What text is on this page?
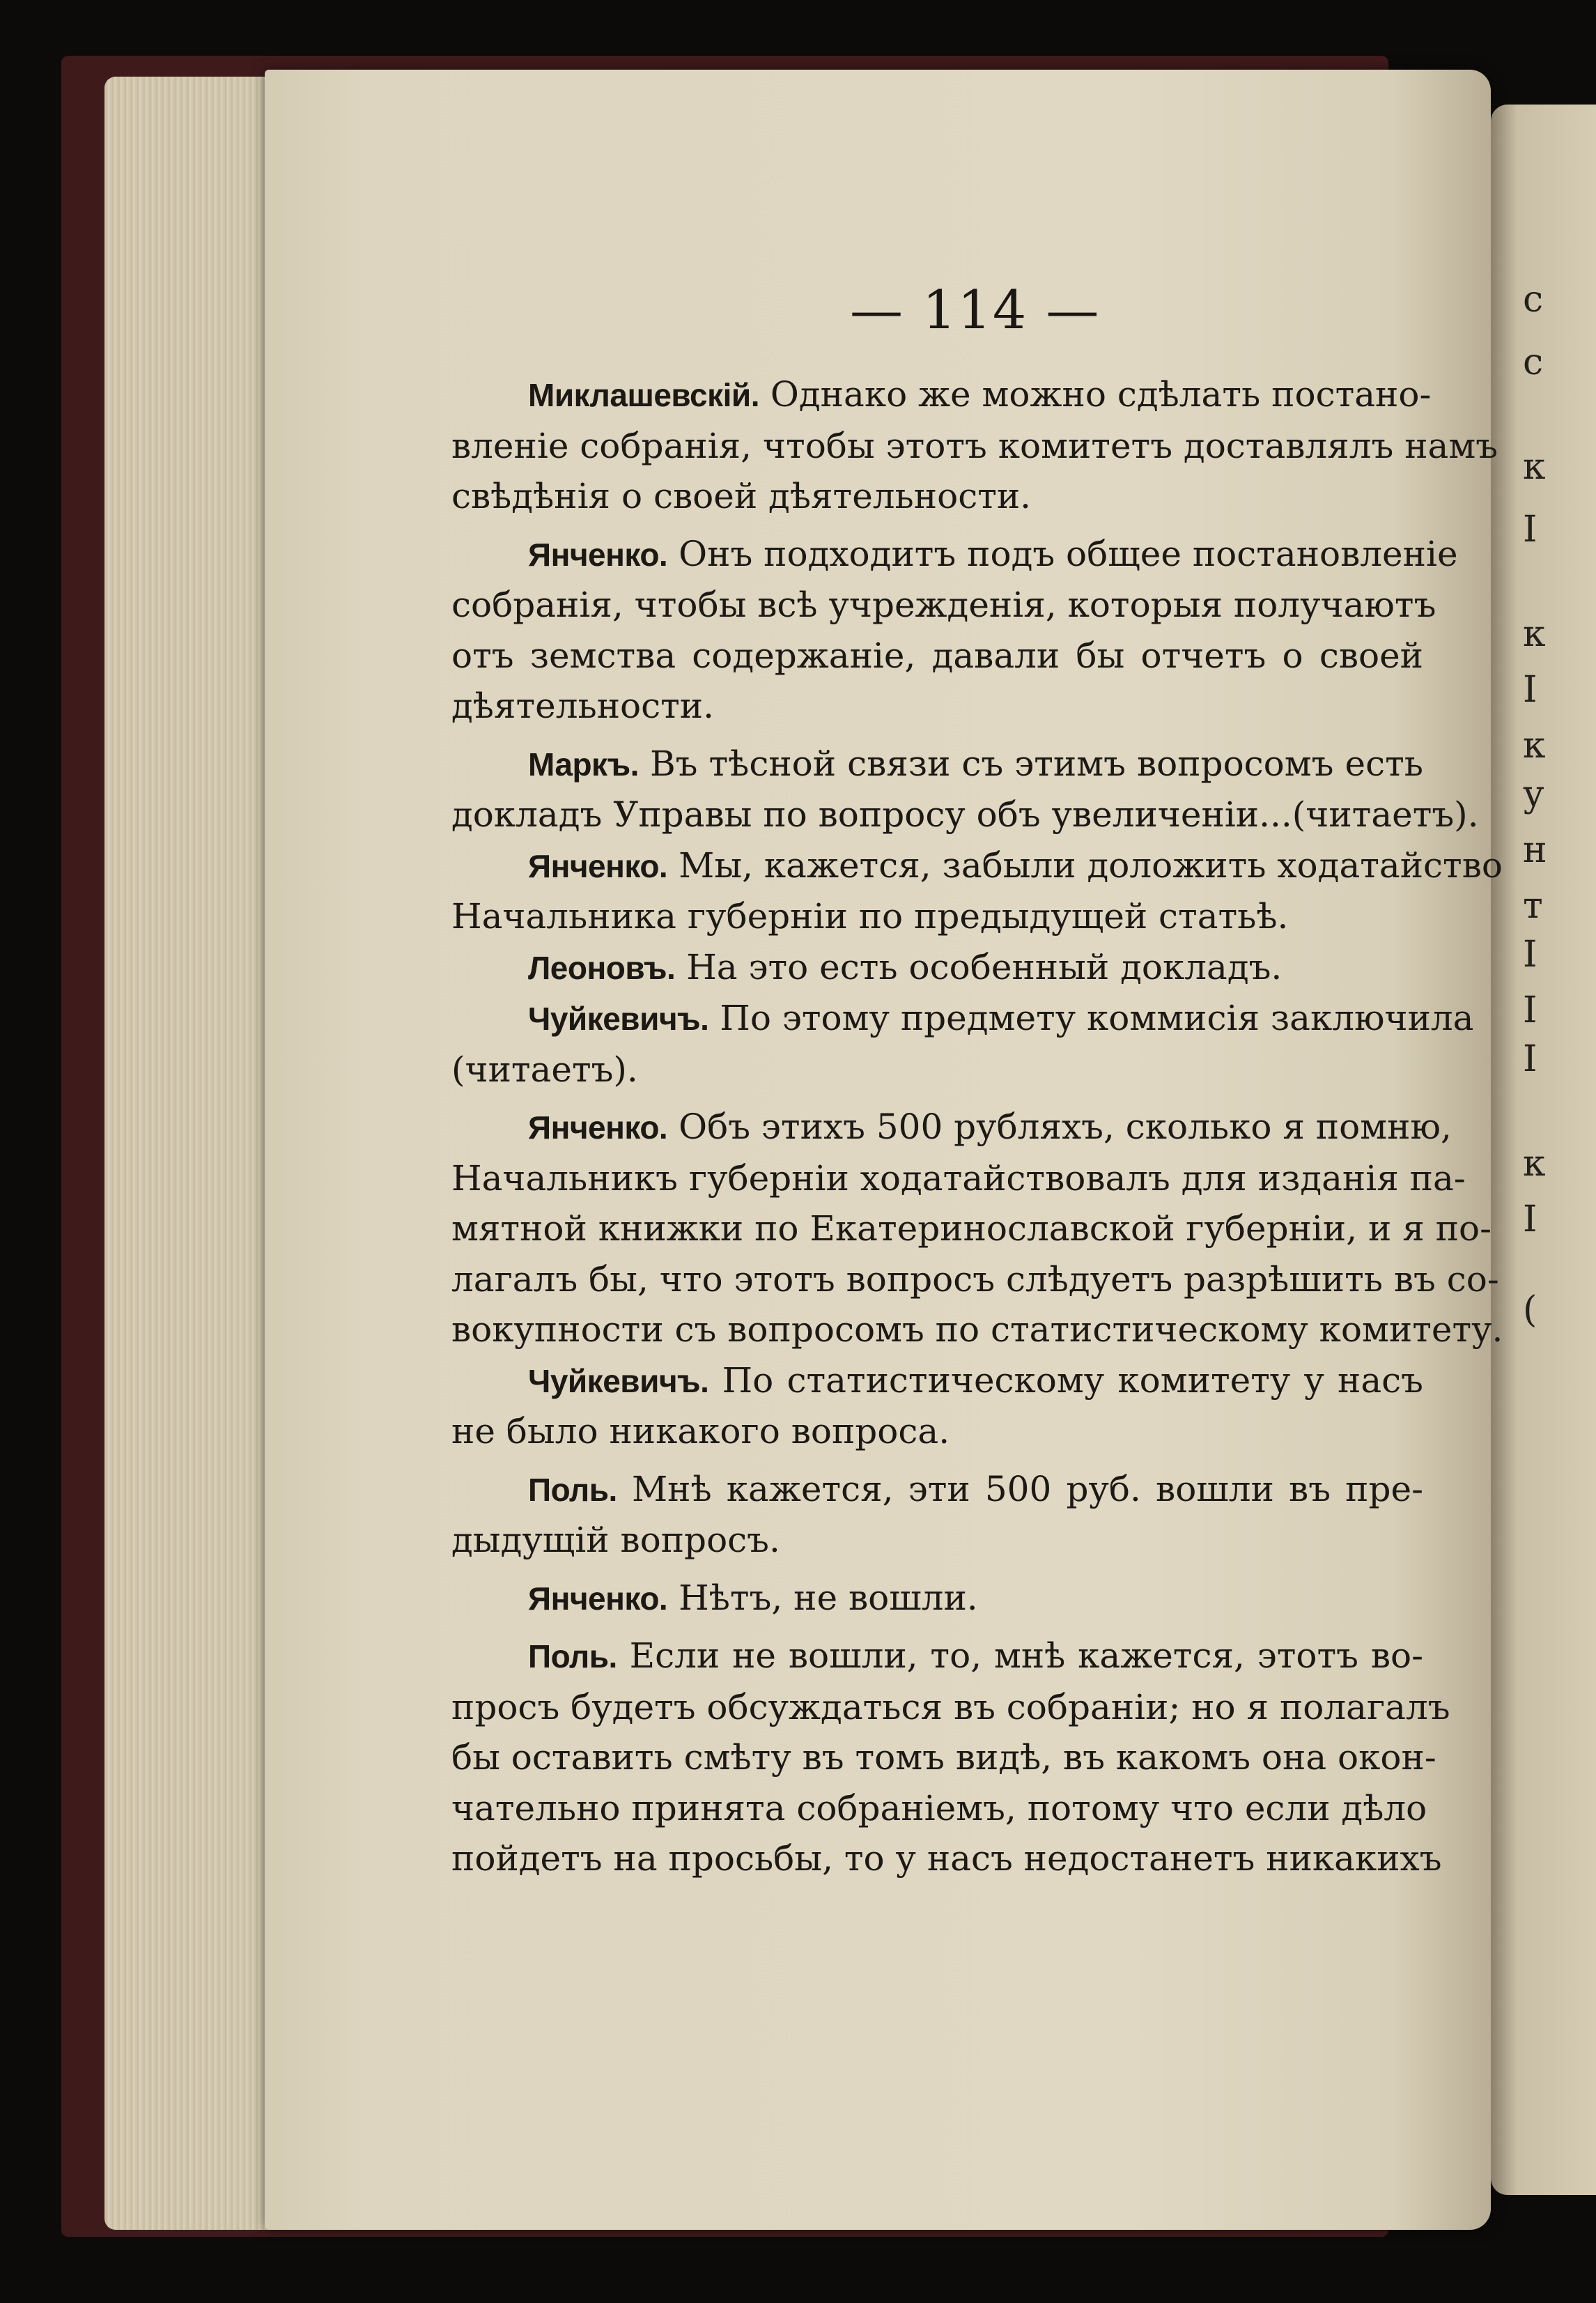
с
с
к
I
к
I
к
у
н
т
I
I
I
к
I
(
— 114 —
Миклашевскій. Однако же можно сдѣлать постано-
вленіе собранія, чтобы этотъ комитетъ доставлялъ намъ
свѣдѣнія о своей дѣятельности.
Янченко. Онъ подходитъ подъ общее постановленіе
собранія, чтобы всѣ учрежденія, которыя получаютъ
отъ земства содержаніе, давали бы отчетъ о своей
дѣятельности.
Маркъ. Въ тѣсной связи съ этимъ вопросомъ есть
докладъ Управы по вопросу объ увеличеніи...(читаетъ).
Янченко. Мы, кажется, забыли доложить ходатайство
Начальника губерніи по предыдущей статьѣ.
Леоновъ. На это есть особенный докладъ.
Чуйкевичъ. По этому предмету коммисія заключила
(читаетъ).
Янченко. Объ этихъ 500 рубляхъ, сколько я помню,
Начальникъ губерніи ходатайствовалъ для изданія па-
мятной книжки по Екатеринославской губерніи, и я по-
лагалъ бы, что этотъ вопросъ слѣдуетъ разрѣшить въ со-
вокупности съ вопросомъ по статистическому комитету.
Чуйкевичъ. По статистическому комитету у насъ
не было никакого вопроса.
Поль. Мнѣ кажется, эти 500 руб. вошли въ пре-
дыдущій вопросъ.
Янченко. Нѣтъ, не вошли.
Поль. Если не вошли, то, мнѣ кажется, этотъ во-
просъ будетъ обсуждаться въ собраніи; но я полагалъ
бы оставить смѣту въ томъ видѣ, въ какомъ она окон-
чательно принята собраніемъ, потому что если дѣло
пойдетъ на просьбы, то у насъ недостанетъ никакихъ
